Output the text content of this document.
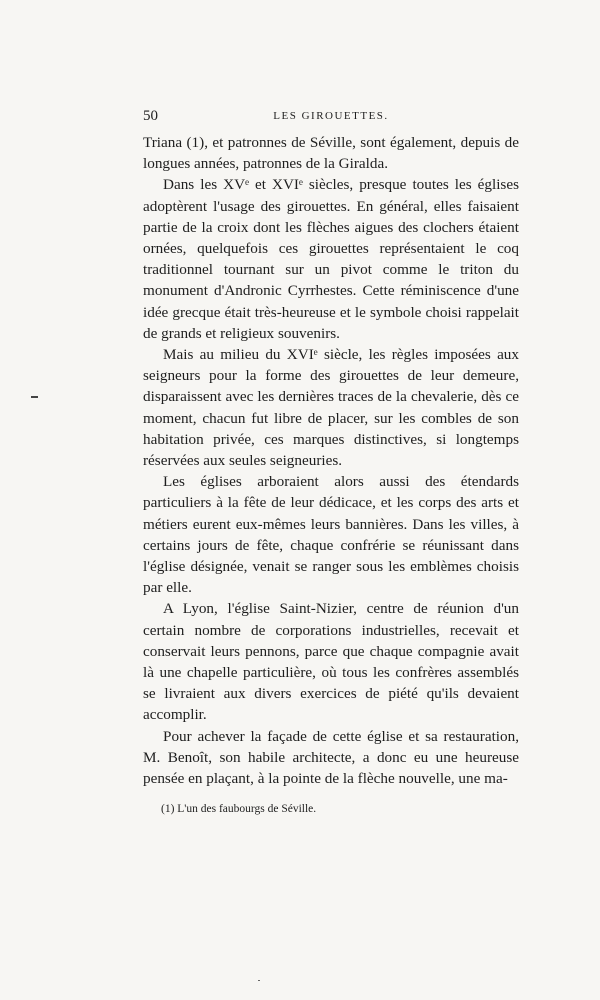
50	LES GIROUETTES.

Triana (1), et patronnes de Séville, sont également, depuis de longues années, patronnes de la Giralda.

Dans les XVᵉ et XVIᵉ siècles, presque toutes les églises adoptèrent l'usage des girouettes. En général, elles faisaient partie de la croix dont les flèches aigues des clochers étaient ornées, quelquefois ces girouettes représentaient le coq traditionnel tournant sur un pivot comme le triton du monument d'Andronic Cyrrhestes. Cette réminiscence d'une idée grecque était très-heureuse et le symbole choisi rappelait de grands et religieux souvenirs.

Mais au milieu du XVIᵉ siècle, les règles imposées aux seigneurs pour la forme des girouettes de leur demeure, disparaissent avec les dernières traces de la chevalerie, dès ce moment, chacun fut libre de placer, sur les combles de son habitation privée, ces marques distinctives, si longtemps réservées aux seules seigneuries.

Les églises arboraient alors aussi des étendards particuliers à la fête de leur dédicace, et les corps des arts et métiers eurent eux-mêmes leurs bannières. Dans les villes, à certains jours de fête, chaque confrérie se réunissant dans l'église désignée, venait se ranger sous les emblèmes choisis par elle.

A Lyon, l'église Saint-Nizier, centre de réunion d'un certain nombre de corporations industrielles, recevait et conservait leurs pennons, parce que chaque compagnie avait là une chapelle particulière, où tous les confrères assemblés se livraient aux divers exercices de piété qu'ils devaient accomplir.

Pour achever la façade de cette église et sa restauration, M. Benoît, son habile architecte, a donc eu une heureuse pensée en plaçant, à la pointe de la flèche nouvelle, une ma-

(1) L'un des faubourgs de Séville.
